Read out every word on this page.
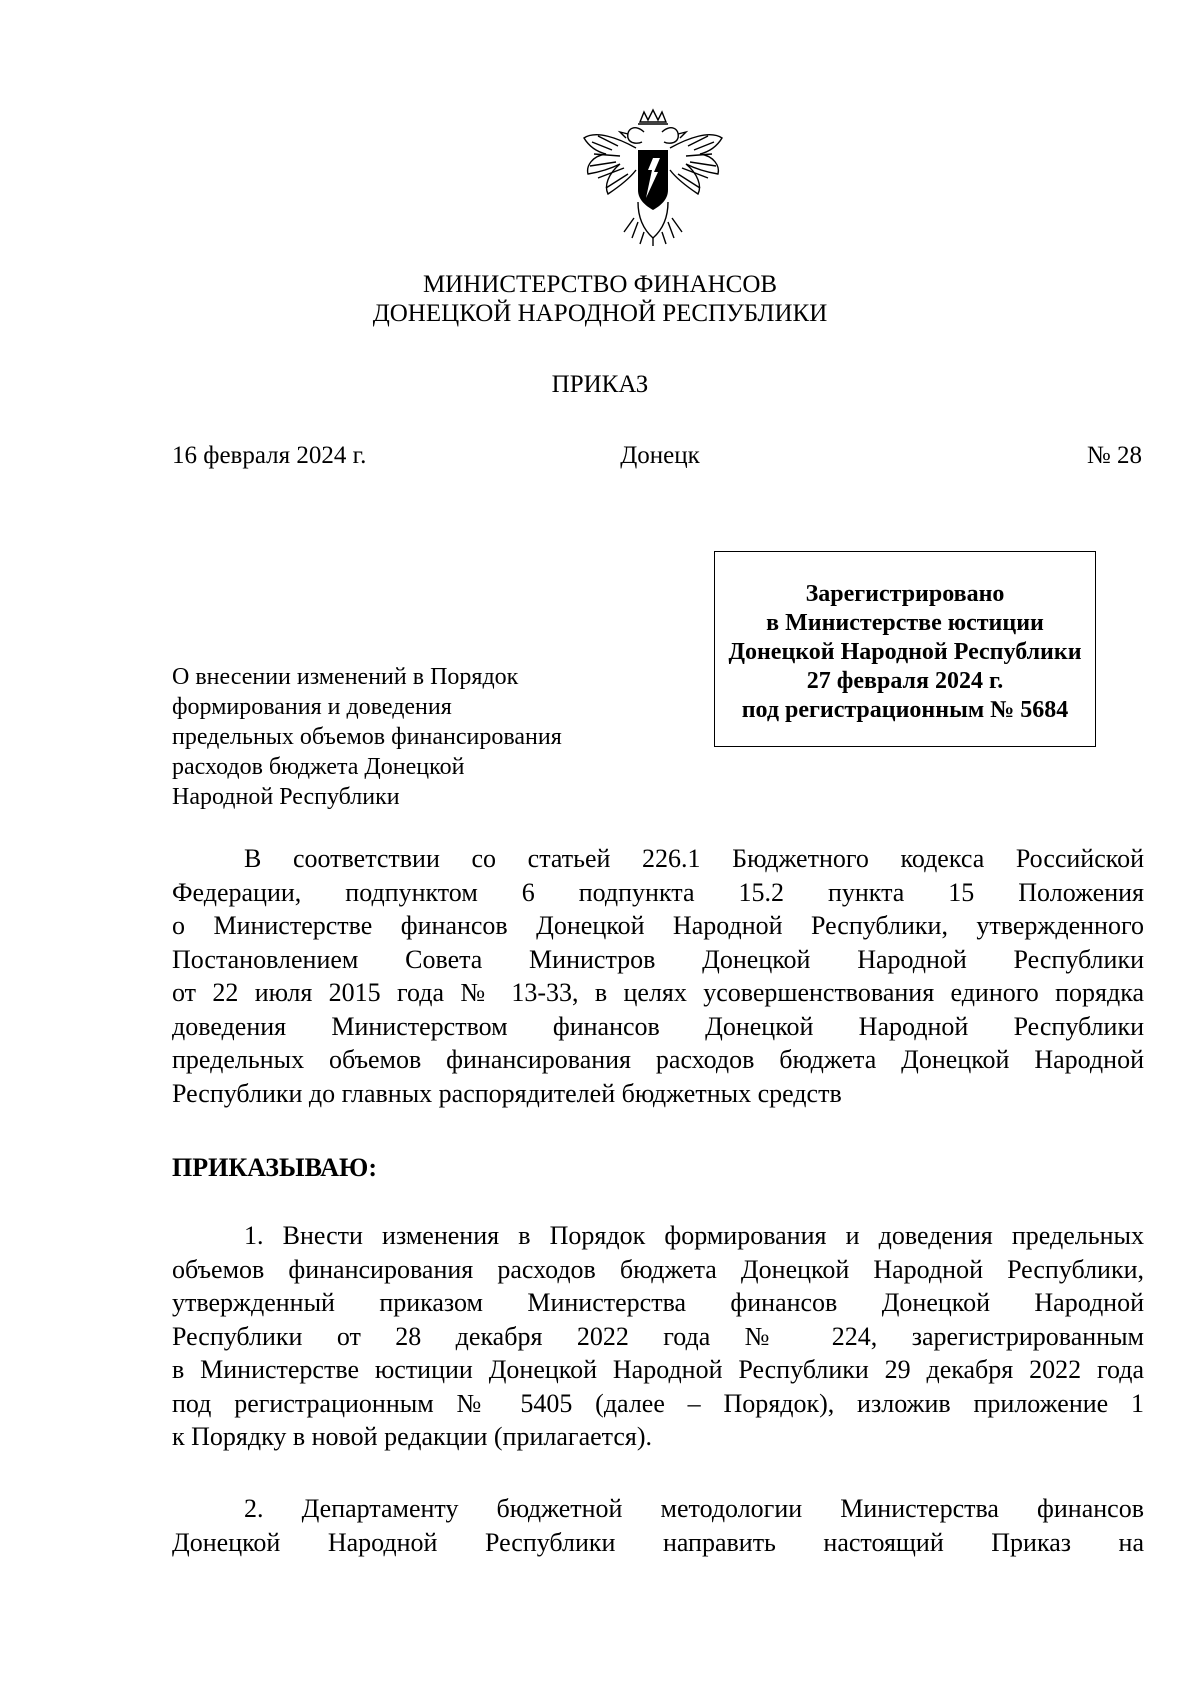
МИНИСТЕРСТВО ФИНАНСОВ
ДОНЕЦКОЙ НАРОДНОЙ РЕСПУБЛИКИ
ПРИКАЗ
16 февраля 2024 г.	Донецк	№ 28
Зарегистрировано
в Министерстве юстиции
Донецкой Народной Республики
27 февраля 2024 г.
под регистрационным № 5684
О внесении изменений в Порядок
формирования и доведения
предельных объемов финансирования
расходов бюджета Донецкой
Народной Республики
В соответствии со статьей 226.1 Бюджетного кодекса Российской
Федерации, подпунктом 6 подпункта 15.2 пункта 15 Положения
о Министерстве финансов Донецкой Народной Республики, утвержденного
Постановлением Совета Министров Донецкой Народной Республики
от 22 июля 2015 года № 13-33, в целях усовершенствования единого порядка
доведения Министерством финансов Донецкой Народной Республики
предельных объемов финансирования расходов бюджета Донецкой Народной
Республики до главных распорядителей бюджетных средств
ПРИКАЗЫВАЮ:
1. Внести изменения в Порядок формирования и доведения предельных
объемов финансирования расходов бюджета Донецкой Народной Республики,
утвержденный приказом Министерства финансов Донецкой Народной
Республики от 28 декабря 2022 года № 224, зарегистрированным
в Министерстве юстиции Донецкой Народной Республики 29 декабря 2022 года
под регистрационным № 5405 (далее – Порядок), изложив приложение 1
к Порядку в новой редакции (прилагается).
2. Департаменту бюджетной методологии Министерства финансов
Донецкой Народной Республики направить настоящий Приказ на
